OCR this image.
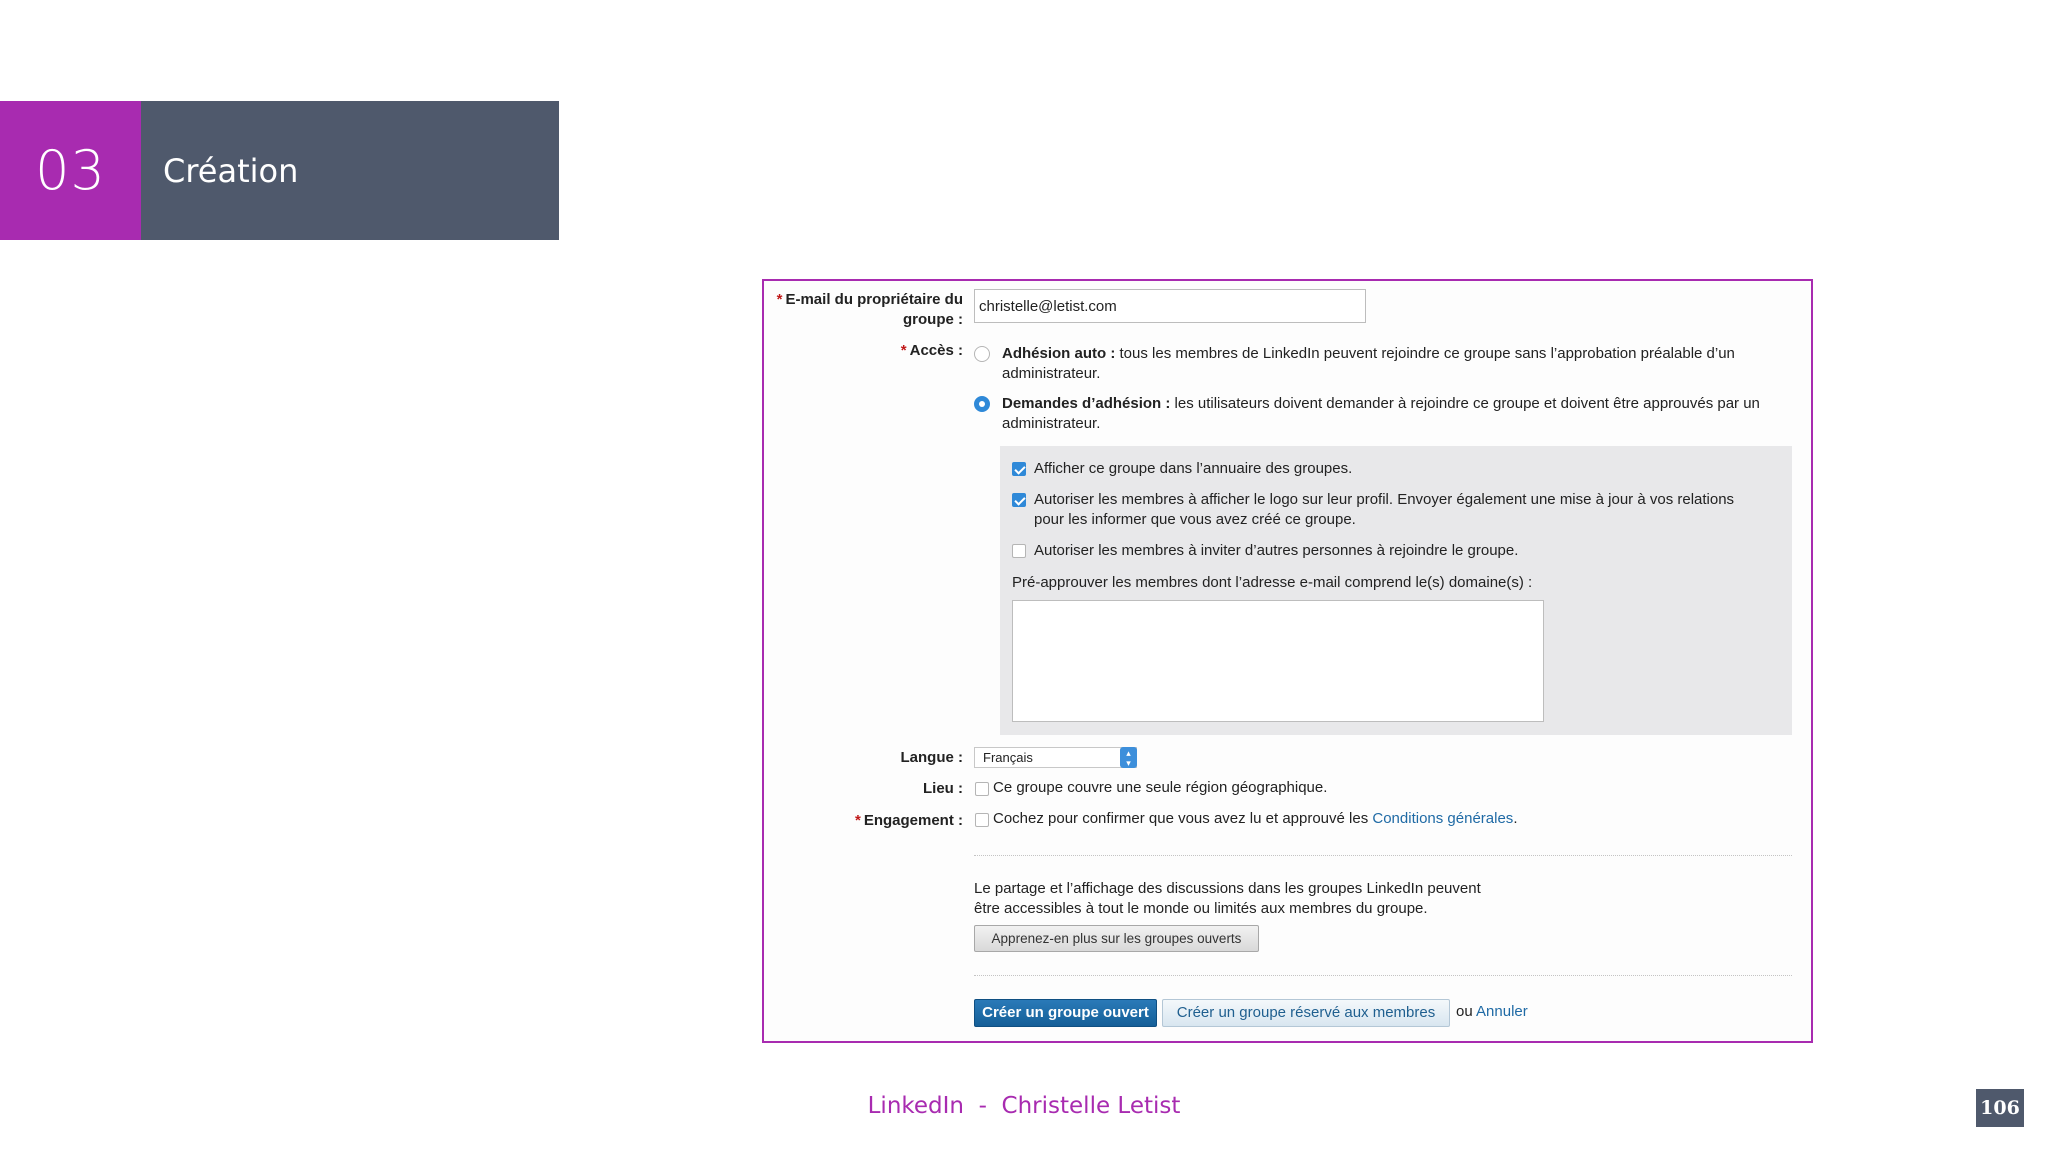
03	Création
* E-mail du propriétaire du
groupe :
christelle@letist.com
* Accès :	Adhésion auto : tous les membres de LinkedIn peuvent rejoindre ce groupe sans l’approbation préalable d’un
administrateur.
Demandes d’adhésion : les utilisateurs doivent demander à rejoindre ce groupe et doivent être approuvés par un
administrateur.
Afficher ce groupe dans l’annuaire des groupes.
Autoriser les membres à afficher le logo sur leur profil. Envoyer également une mise à jour à vos relations
pour les informer que vous avez créé ce groupe.
Autoriser les membres à inviter d’autres personnes à rejoindre le groupe.
Pré-approuver les membres dont l’adresse e-mail comprend le(s) domaine(s) :
Langue :	Français	▴
▾
Lieu : Ce groupe couvre une seule région géographique.
* Engagement : Cochez pour confirmer que vous avez lu et approuvé les Conditions générales.
Le partage et l’affichage des discussions dans les groupes LinkedIn peuvent
être accessibles à tout le monde ou limités aux membres du groupe.
Apprenez-en plus sur les groupes ouverts
Créer un groupe ouvert	Créer un groupe réservé aux membres	ou Annuler
LinkedIn  -  Christelle Letist	106
